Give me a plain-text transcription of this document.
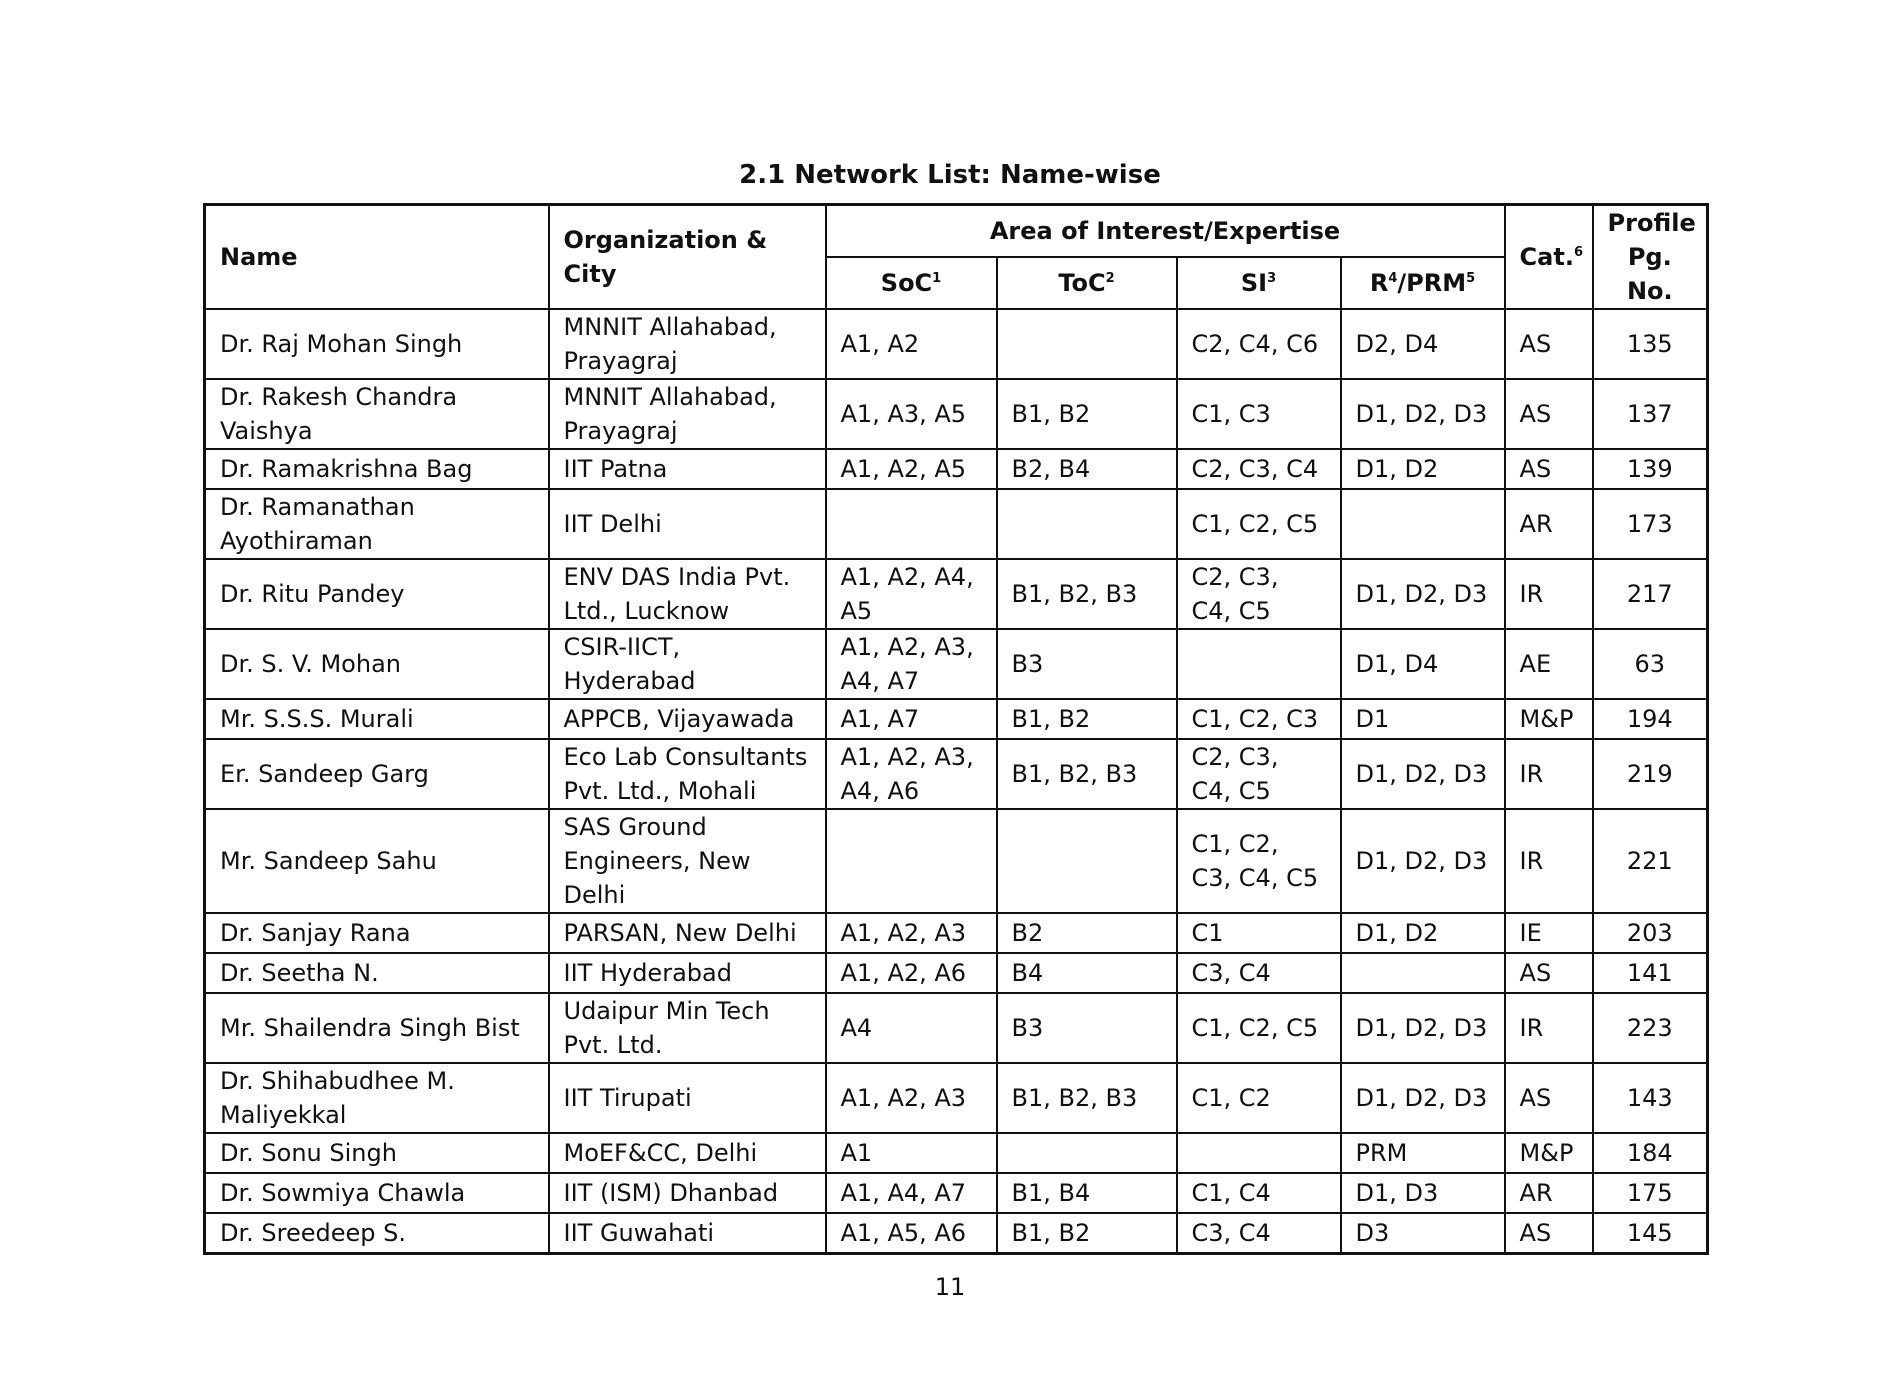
2.1 Network List: Name-wise
Name	Organization & City	Area of Interest/Expertise				Cat.$^6$	Profile
Pg. No.
		SoC$^1$	ToC$^2$	$SI^3$	$R^4/PRM^5$
Dr. Raj Mohan Singh	MNNIT Allahabad, Prayagraj	A1, A2		C2, C4, C6	D2, D4	AS	135
Dr. Rakesh Chandra Vaishya	MNNIT Allahabad, Prayagraj	A1, A3, A5	B1, B2	C1, C3	D1, D2, D3	AS	137
Dr. Ramakrishna Bag	IIT Patna	A1, A2, A5	B2, B4	C2, C3, C4	D1, D2	AS	139
Dr. Ramanathan Ayothiraman	IIT Delhi			C1, C2, C5		AR	173
Dr. Ritu Pandey	ENV DAS India Pvt. Ltd., Lucknow	A1, A2, A4, A5	B1, B2, B3	C2, C3, C4, C5	D1, D2, D3	IR	217
Dr. S. V. Mohan	CSIR-IICT, Hyderabad	A1, A2, A3, A4, A7	B3		D1, D4	AE	63
Mr. S.S.S. Murali	APPCB, Vijayawada	A1, A7	B1, B2	C1, C2, C3	D1	M&P	194
Er. Sandeep Garg	Eco Lab Consultants Pvt. Ltd., Mohali	A1, A2, A3, A4, A6	B1, B2, B3	C2, C3, C4, C5	D1, D2, D3	IR	219
Mr. Sandeep Sahu	SAS Ground Engineers, New Delhi			C1, C2, C3, C4, C5	D1, D2, D3	IR	221
Dr. Sanjay Rana	PARSAN, New Delhi	A1, A2, A3	B2	C1	D1, D2	IE	203
Dr. Seetha N.	IIT Hyderabad	A1, A2, A6	B4	C3, C4		AS	141
Mr. Shailendra Singh Bist	Udaipur Min Tech Pvt. Ltd.	A4	B3	C1, C2, C5	D1, D2, D3	IR	223
Dr. Shihabudhee M. Maliyekkal	IIT Tirupati	A1, A2, A3	B1, B2, B3	C1, C2	D1, D2, D3	AS	143
Dr. Sonu Singh	MoEF&CC, Delhi	A1			PRM	M&P	184
Dr. Sowmiya Chawla	IIT (ISM) Dhanbad	A1, A4, A7	B1, B4	C1, C4	D1, D3	AR	175
Dr. Sreedeep S.	IIT Guwahati	A1, A5, A6	B1, B2	C3, C4	D3	AS	145
11
